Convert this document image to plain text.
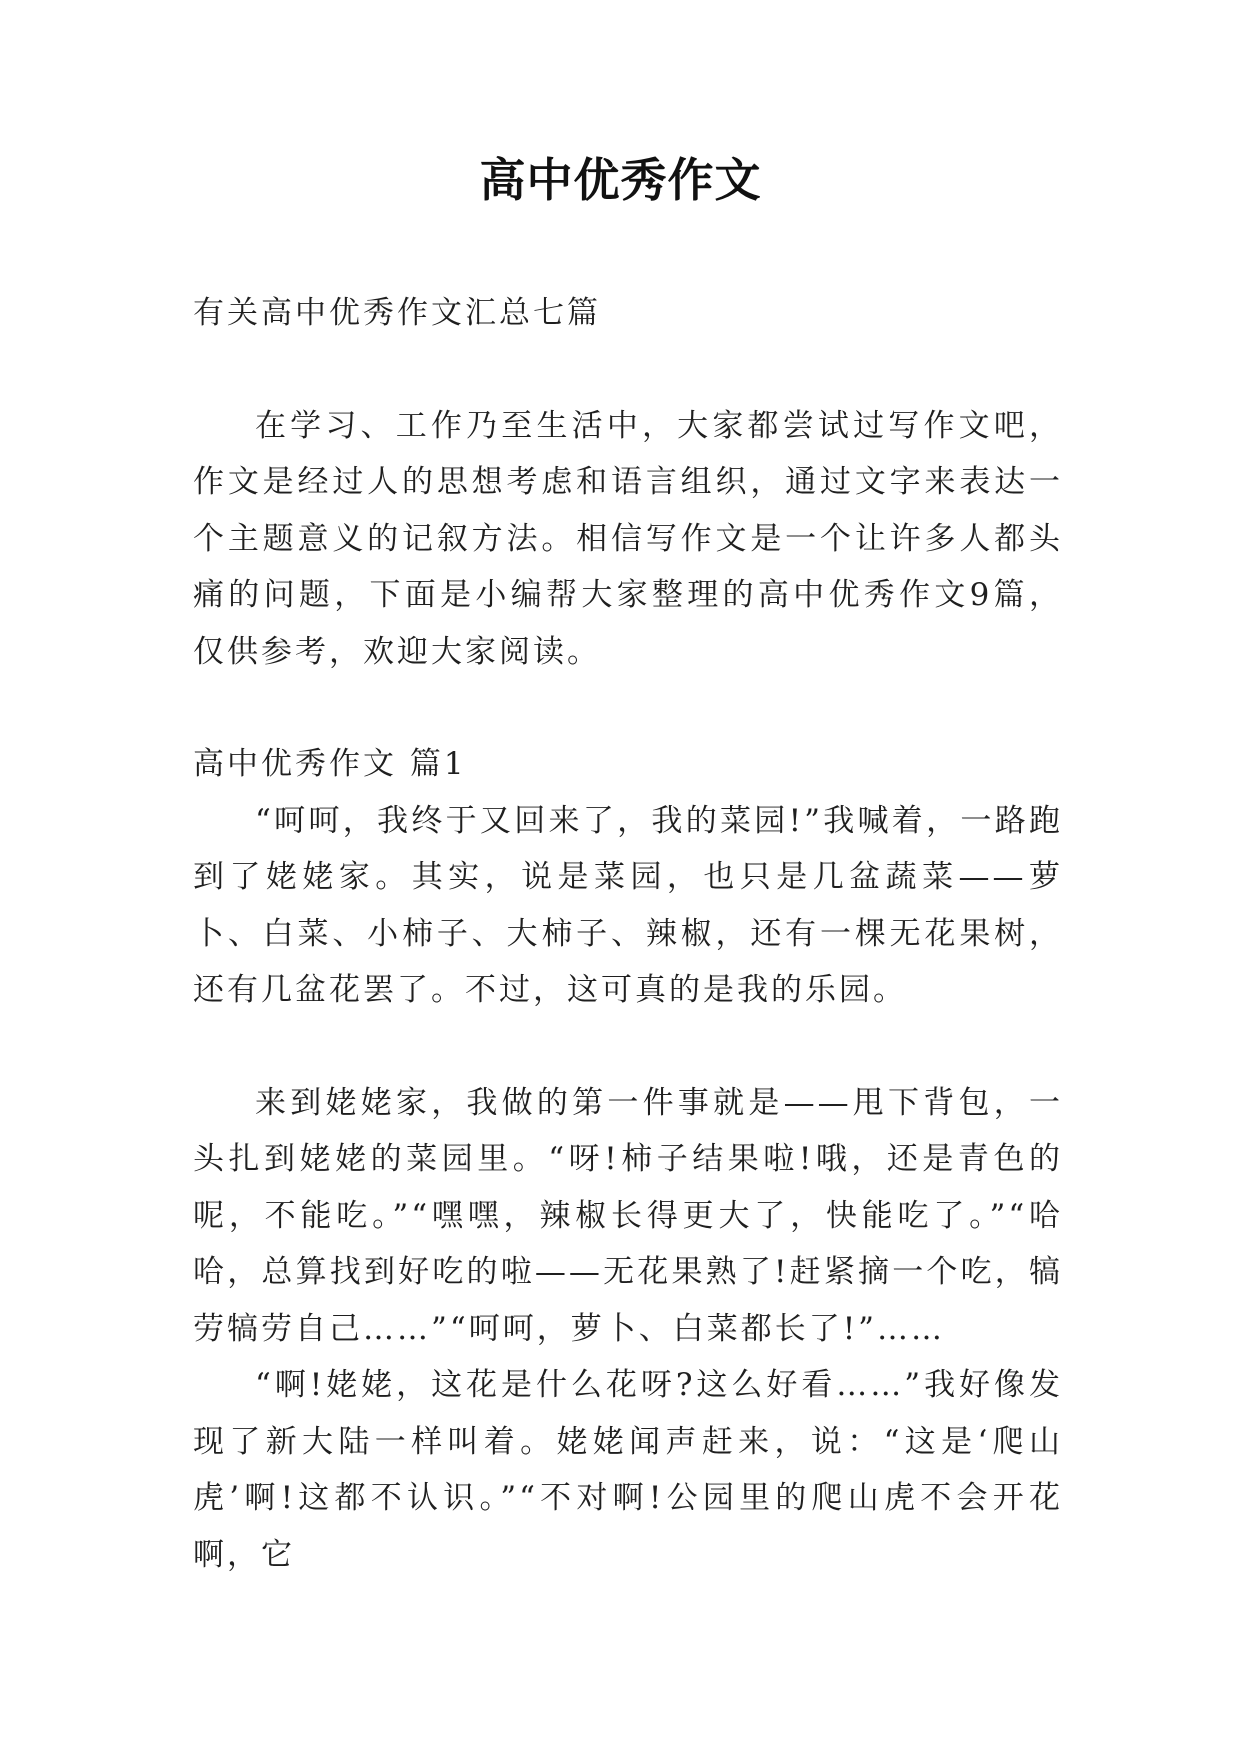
高中优秀作文

有关高中优秀作文汇总七篇

在学习、工作乃至生活中，大家都尝试过写作文吧，作文是经过人的思想考虑和语言组织，通过文字来表达一个主题意义的记叙方法。相信写作文是一个让许多人都头痛的问题，下面是小编帮大家整理的高中优秀作文9篇，仅供参考，欢迎大家阅读。

高中优秀作文 篇1

“呵呵，我终于又回来了，我的菜园!”我喊着，一路跑到了姥姥家。其实，说是菜园，也只是几盆蔬菜——萝卜、白菜、小柿子、大柿子、辣椒，还有一棵无花果树，还有几盆花罢了。不过，这可真的是我的乐园。

来到姥姥家，我做的第一件事就是——甩下背包，一头扎到姥姥的菜园里。“呀!柿子结果啦!哦，还是青色的呢，不能吃。”“嘿嘿，辣椒长得更大了，快能吃了。”“哈哈，总算找到好吃的啦——无花果熟了!赶紧摘一个吃，犒劳犒劳自己……”“呵呵，萝卜、白菜都长了!”……

“啊!姥姥，这花是什么花呀?这么好看……”我好像发现了新大陆一样叫着。姥姥闻声赶来，说：“这是‘爬山虎’啊!这都不认识。”“不对啊!公园里的爬山虎不会开花啊，它
